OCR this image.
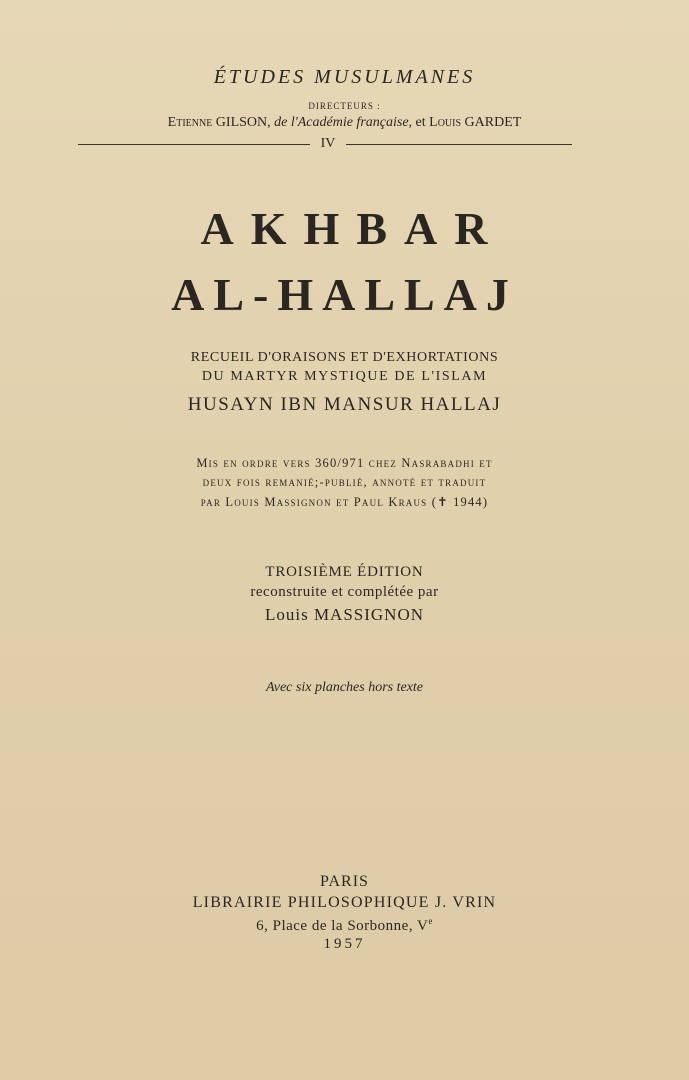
ÉTUDES MUSULMANES
DIRECTEURS :
Etienne GILSON, de l'Académie française, et Louis GARDET
IV
AKHBAR
AL-HALLAJ
RECUEIL D'ORAISONS ET D'EXHORTATIONS
DU MARTYR MYSTIQUE DE L'ISLAM
HUSAYN IBN MANSUR HALLAJ
Mis en ordre vers 360/971 chez Nasrabadhi et
deux fois remanié;-publié, annoté et traduit
par Louis Massignon et Paul Kraus (✝ 1944)
TROISIÈME ÉDITION
reconstruite et complétée par
Louis MASSIGNON
Avec six planches hors texte
PARIS
LIBRAIRIE PHILOSOPHIQUE J. VRIN
6, Place de la Sorbonne, Ve
1957
